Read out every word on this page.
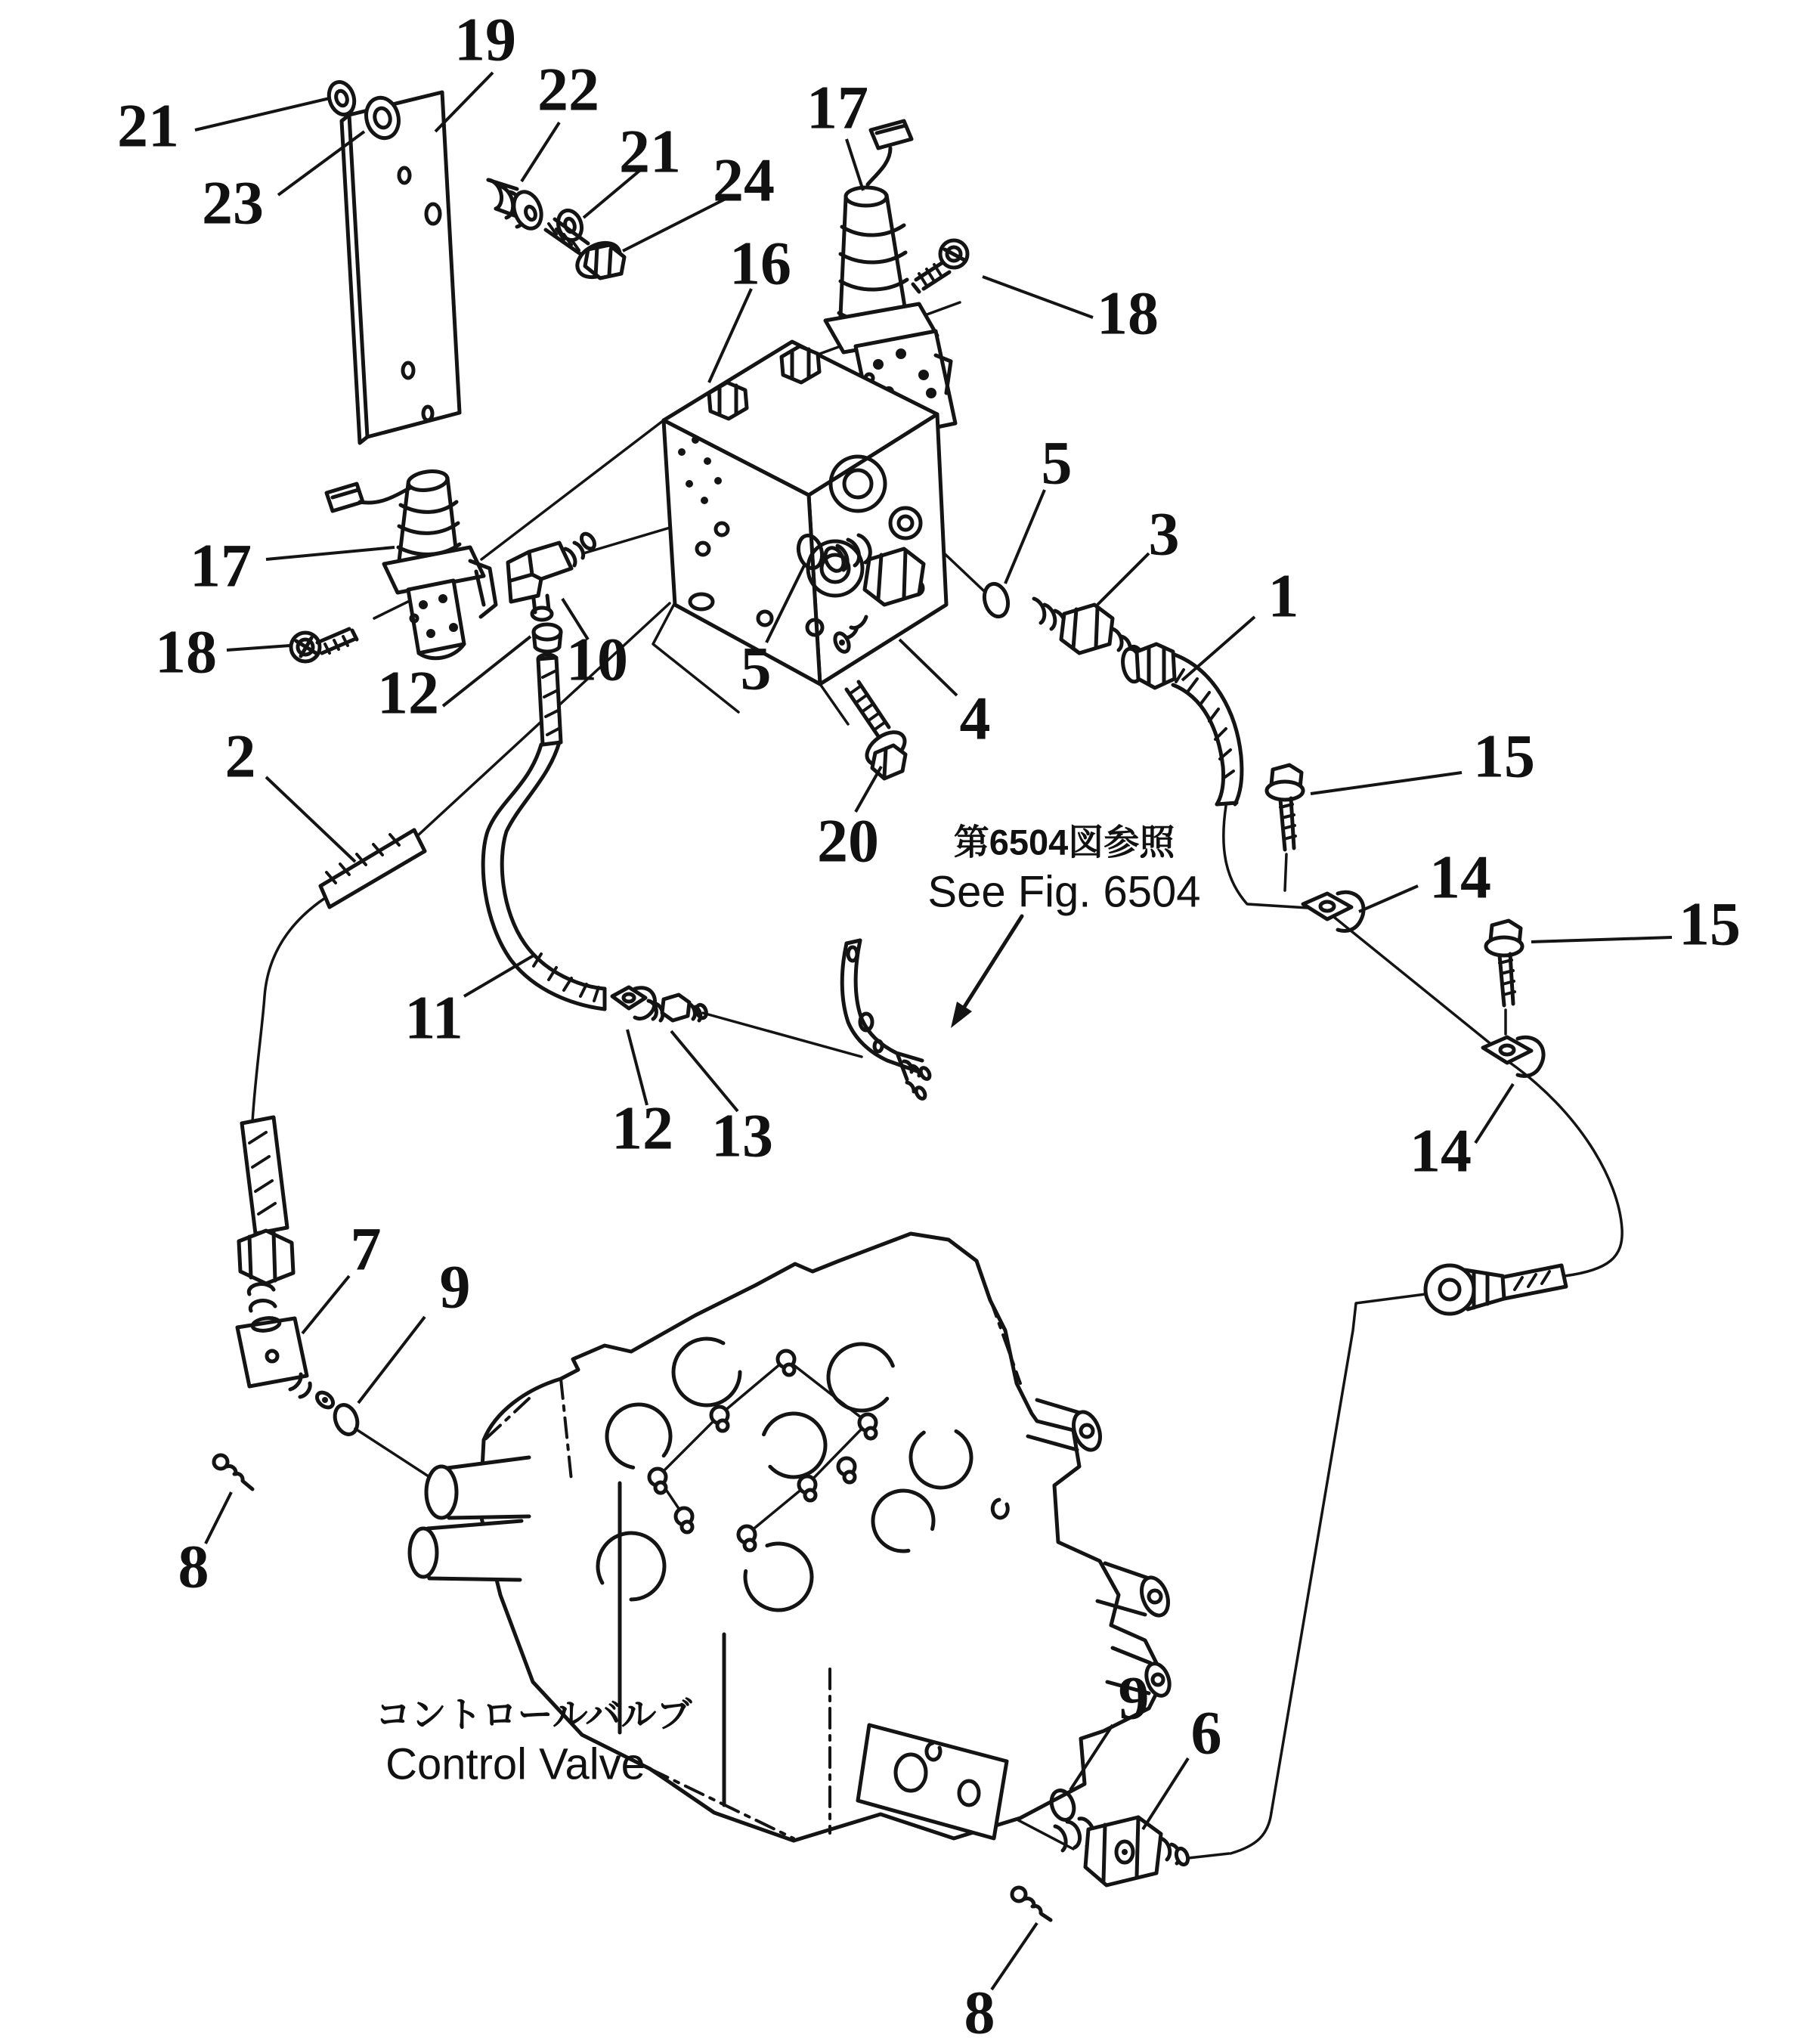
第6504図参照
See Fig. 6504
コントロールバルブ
Control Valve
19
21
23
22
21 24
17
18
16
5
3
1
17
18
12 10 5
4
2
20
15
14
15
11
12 13	14
7
9
8
9
6
8
